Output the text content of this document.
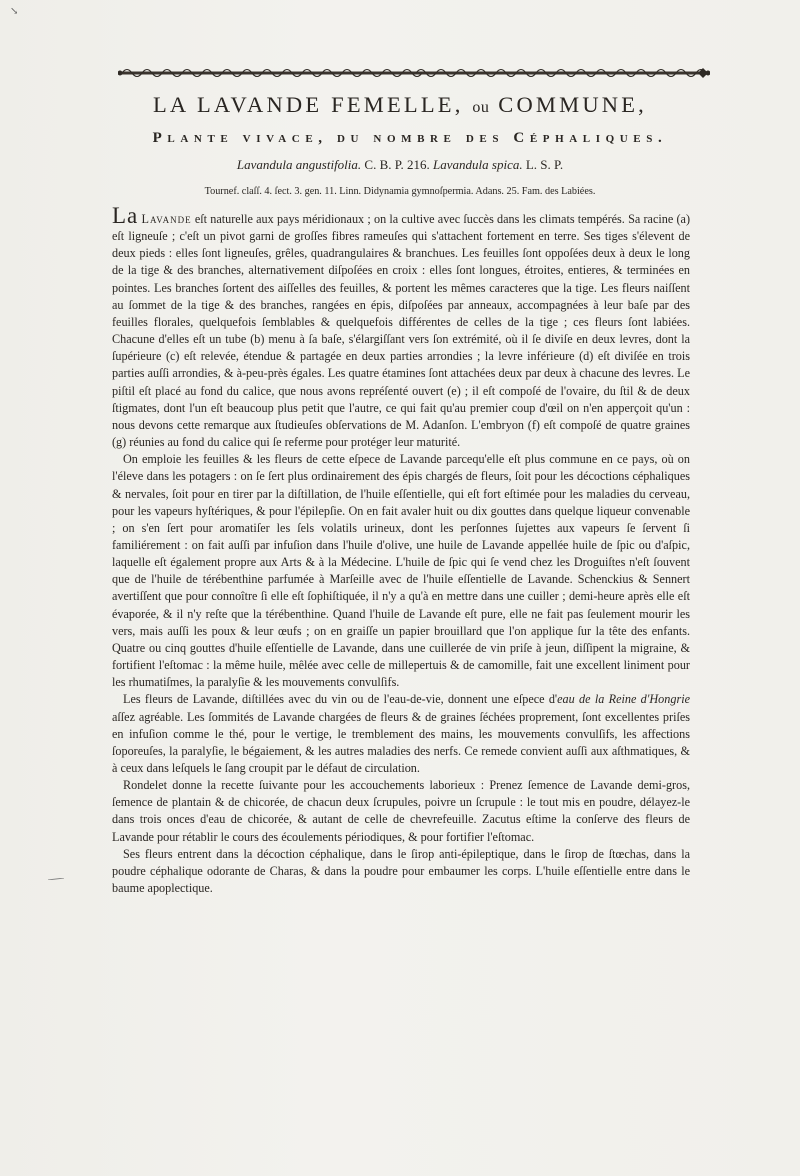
↘
LA LAVANDE FEMELLE, ou COMMUNE,
Plante vivace, du nombre des Céphaliques.
Lavandula angustifolia. C. B. P. 216. Lavandula spica. L. S. P.
Tournef. claſſ. 4. ſect. 3. gen. 11. Linn. Didynamia gymnoſpermia. Adans. 25. Fam. des Labiées.

La Lavande eſt naturelle aux pays méridionaux ; on la cultive avec ſuccès dans les climats tempérés. Sa racine (a) eſt ligneuſe ; c'eſt un pivot garni de groſſes fibres rameuſes qui s'attachent fortement en terre. Ses tiges s'élevent de deux pieds : elles ſont ligneuſes, grêles, quadrangulaires & branchues. Les feuilles ſont oppoſées deux à deux le long de la tige & des branches, alternativement diſpoſées en croix : elles ſont longues, étroites, entieres, & terminées en pointes. Les branches ſortent des aiſſelles des feuilles, & portent les mêmes caracteres que la tige. Les fleurs naiſſent au ſommet de la tige & des branches, rangées en épis, diſpoſées par anneaux, accompagnées à leur baſe par des feuilles florales, quelquefois ſemblables & quelquefois différentes de celles de la tige ; ces fleurs ſont labiées. Chacune d'elles eſt un tube (b) menu à ſa baſe, s'élargiſſant vers ſon extrémité, où il ſe diviſe en deux levres, dont la ſupérieure (c) eſt relevée, étendue & partagée en deux parties arrondies ; la levre inférieure (d) eſt diviſée en trois parties auſſi arrondies, & à-peu-près égales. Les quatre étamines ſont attachées deux par deux à chacune des levres. Le piſtil eſt placé au fond du calice, que nous avons repréſenté ouvert (e) ; il eſt compoſé de l'ovaire, du ſtil & de deux ſtigmates, dont l'un eſt beaucoup plus petit que l'autre, ce qui fait qu'au premier coup d'œil on n'en apperçoit qu'un : nous devons cette remarque aux ſtudieuſes obſervations de M. Adanſon. L'embryon (f) eſt compoſé de quatre graines (g) réunies au fond du calice qui ſe referme pour protéger leur maturité.

On emploie les feuilles & les fleurs de cette eſpece de Lavande parcequ'elle eſt plus commune en ce pays, où on l'éleve dans les potagers : on ſe ſert plus ordinairement des épis chargés de fleurs, ſoit pour les décoctions céphaliques & nervales, ſoit pour en tirer par la diſtillation, de l'huile eſſentielle, qui eſt fort eſtimée pour les maladies du cerveau, pour les vapeurs hyſtériques, & pour l'épilepſie. On en fait avaler huit ou dix gouttes dans quelque liqueur convenable ; on s'en ſert pour aromatiſer les ſels volatils urineux, dont les perſonnes ſujettes aux vapeurs ſe ſervent ſi familiérement : on fait auſſi par infuſion dans l'huile d'olive, une huile de Lavande appellée huile de ſpic ou d'aſpic, laquelle eſt également propre aux Arts & à la Médecine. L'huile de ſpic qui ſe vend chez les Droguiſtes n'eſt ſouvent que de l'huile de térébenthine parfumée à Marſeille avec de l'huile eſſentielle de Lavande. Schenckius & Sennert avertiſſent que pour connoître ſi elle eſt ſophiſtiquée, il n'y a qu'à en mettre dans une cuiller ; demi-heure après elle eſt évaporée, & il n'y reſte que la térébenthine. Quand l'huile de Lavande eſt pure, elle ne fait pas ſeulement mourir les vers, mais auſſi les poux & leur œufs ; on en graiſſe un papier brouillard que l'on applique ſur la tête des enfants. Quatre ou cinq gouttes d'huile eſſentielle de Lavande, dans une cuillerée de vin priſe à jeun, diſſipent la migraine, & fortifient l'eſtomac : la même huile, mêlée avec celle de millepertuis & de camomille, fait une excellent liniment pour les rhumatiſmes, la paralyſie & les mouvements convulſifs.

Les fleurs de Lavande, diſtillées avec du vin ou de l'eau-de-vie, donnent une eſpece d'eau de la Reine d'Hongrie aſſez agréable. Les ſommités de Lavande chargées de fleurs & de graines ſéchées proprement, ſont excellentes priſes en infuſion comme le thé, pour le vertige, le tremblement des mains, les mouvements convulſifs, les affections ſoporeuſes, la paralyſie, le bégaiement, & les autres maladies des nerfs. Ce remede convient auſſi aux aſthmatiques, & à ceux dans leſquels le ſang croupit par le défaut de circulation.

Rondelet donne la recette ſuivante pour les accouchements laborieux : Prenez ſemence de Lavande demi-gros, ſemence de plantain & de chicorée, de chacun deux ſcrupules, poivre un ſcrupule : le tout mis en poudre, délayez-le dans trois onces d'eau de chicorée, & autant de celle de chevrefeuille. Zacutus eſtime la conſerve des fleurs de Lavande pour rétablir le cours des écoulements périodiques, & pour fortifier l'eſtomac.

Ses fleurs entrent dans la décoction céphalique, dans le ſirop anti-épileptique, dans le ſirop de ſtœchas, dans la poudre céphalique odorante de Charas, & dans la poudre pour embaumer les corps. L'huile eſſentielle entre dans le baume apoplectique.
